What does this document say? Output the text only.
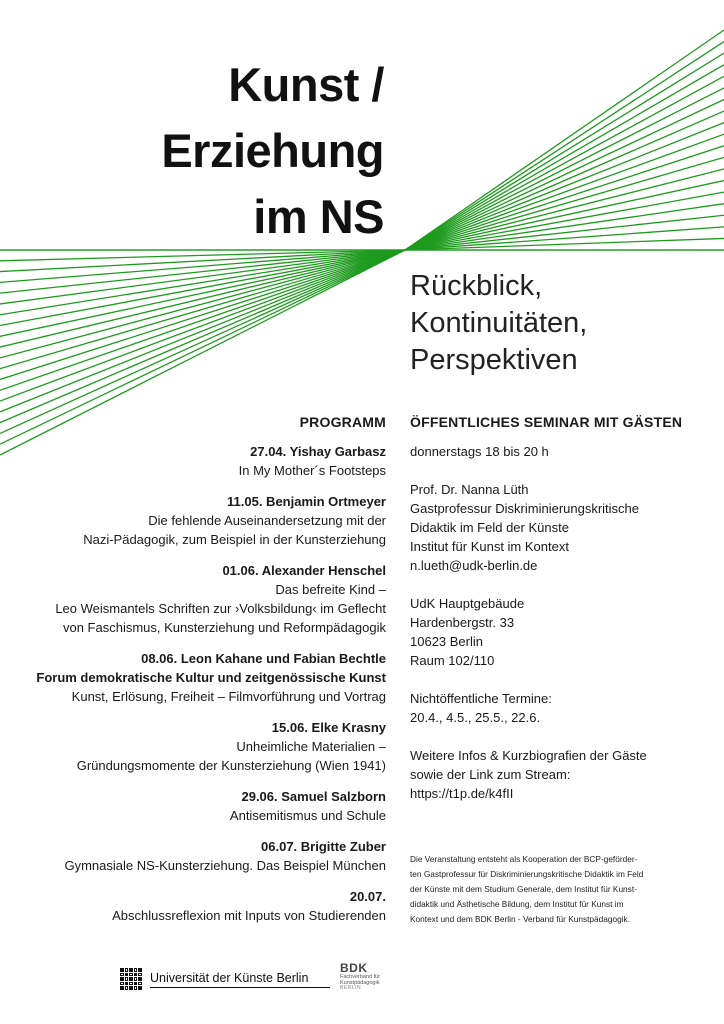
Kunst /
Erziehung
im NS
Rückblick,
Kontinuitäten,
Perspektiven
PROGRAMM ÖFFENTLICHES SEMINAR MIT GÄSTEN
27.04. Yishay Garbasz
In My Mother´s Footsteps
11.05. Benjamin Ortmeyer
Die fehlende Auseinandersetzung mit der
Nazi-Pädagogik, zum Beispiel in der Kunsterziehung
01.06. Alexander Henschel
Das befreite Kind –
Leo Weismantels Schriften zur ›Volksbildung‹ im Geflecht
von Faschismus, Kunsterziehung und Reformpädagogik
08.06. Leon Kahane und Fabian Bechtle
Forum demokratische Kultur und zeitgenössische Kunst
Kunst, Erlösung, Freiheit – Filmvorführung und Vortrag
15.06. Elke Krasny
Unheimliche Materialien –
Gründungsmomente der Kunsterziehung (Wien 1941)
29.06. Samuel Salzborn
Antisemitismus und Schule
06.07. Brigitte Zuber
Gymnasiale NS-Kunsterziehung. Das Beispiel München
20.07.
Abschlussreflexion mit Inputs von Studierenden
donnerstags 18 bis 20 h
Prof. Dr. Nanna Lüth
Gastprofessur Diskriminierungskritische
Didaktik im Feld der Künste
Institut für Kunst im Kontext
n.lueth@udk-berlin.de
UdK Hauptgebäude
Hardenbergstr. 33
10623 Berlin
Raum 102/110
Nichtöffentliche Termine:
20.4., 4.5., 25.5., 22.6.
Weitere Infos & Kurzbiografien der Gäste
sowie der Link zum Stream:
https://t1p.de/k4fII
Die Veranstaltung entsteht als Kooperation der BCP-geförder-
ten Gastprofessur für Diskriminierungskritische Didaktik im Feld
der Künste mit dem Studium Generale, dem Institut für Kunst-
didaktik und Ästhetische Bildung, dem Institut für Kunst im
Kontext und dem BDK Berlin - Verband für Kunstpädagogik.
Universität der Künste Berlin
BDK
Fachverband für
Kunstpädagogik
BERLIN
